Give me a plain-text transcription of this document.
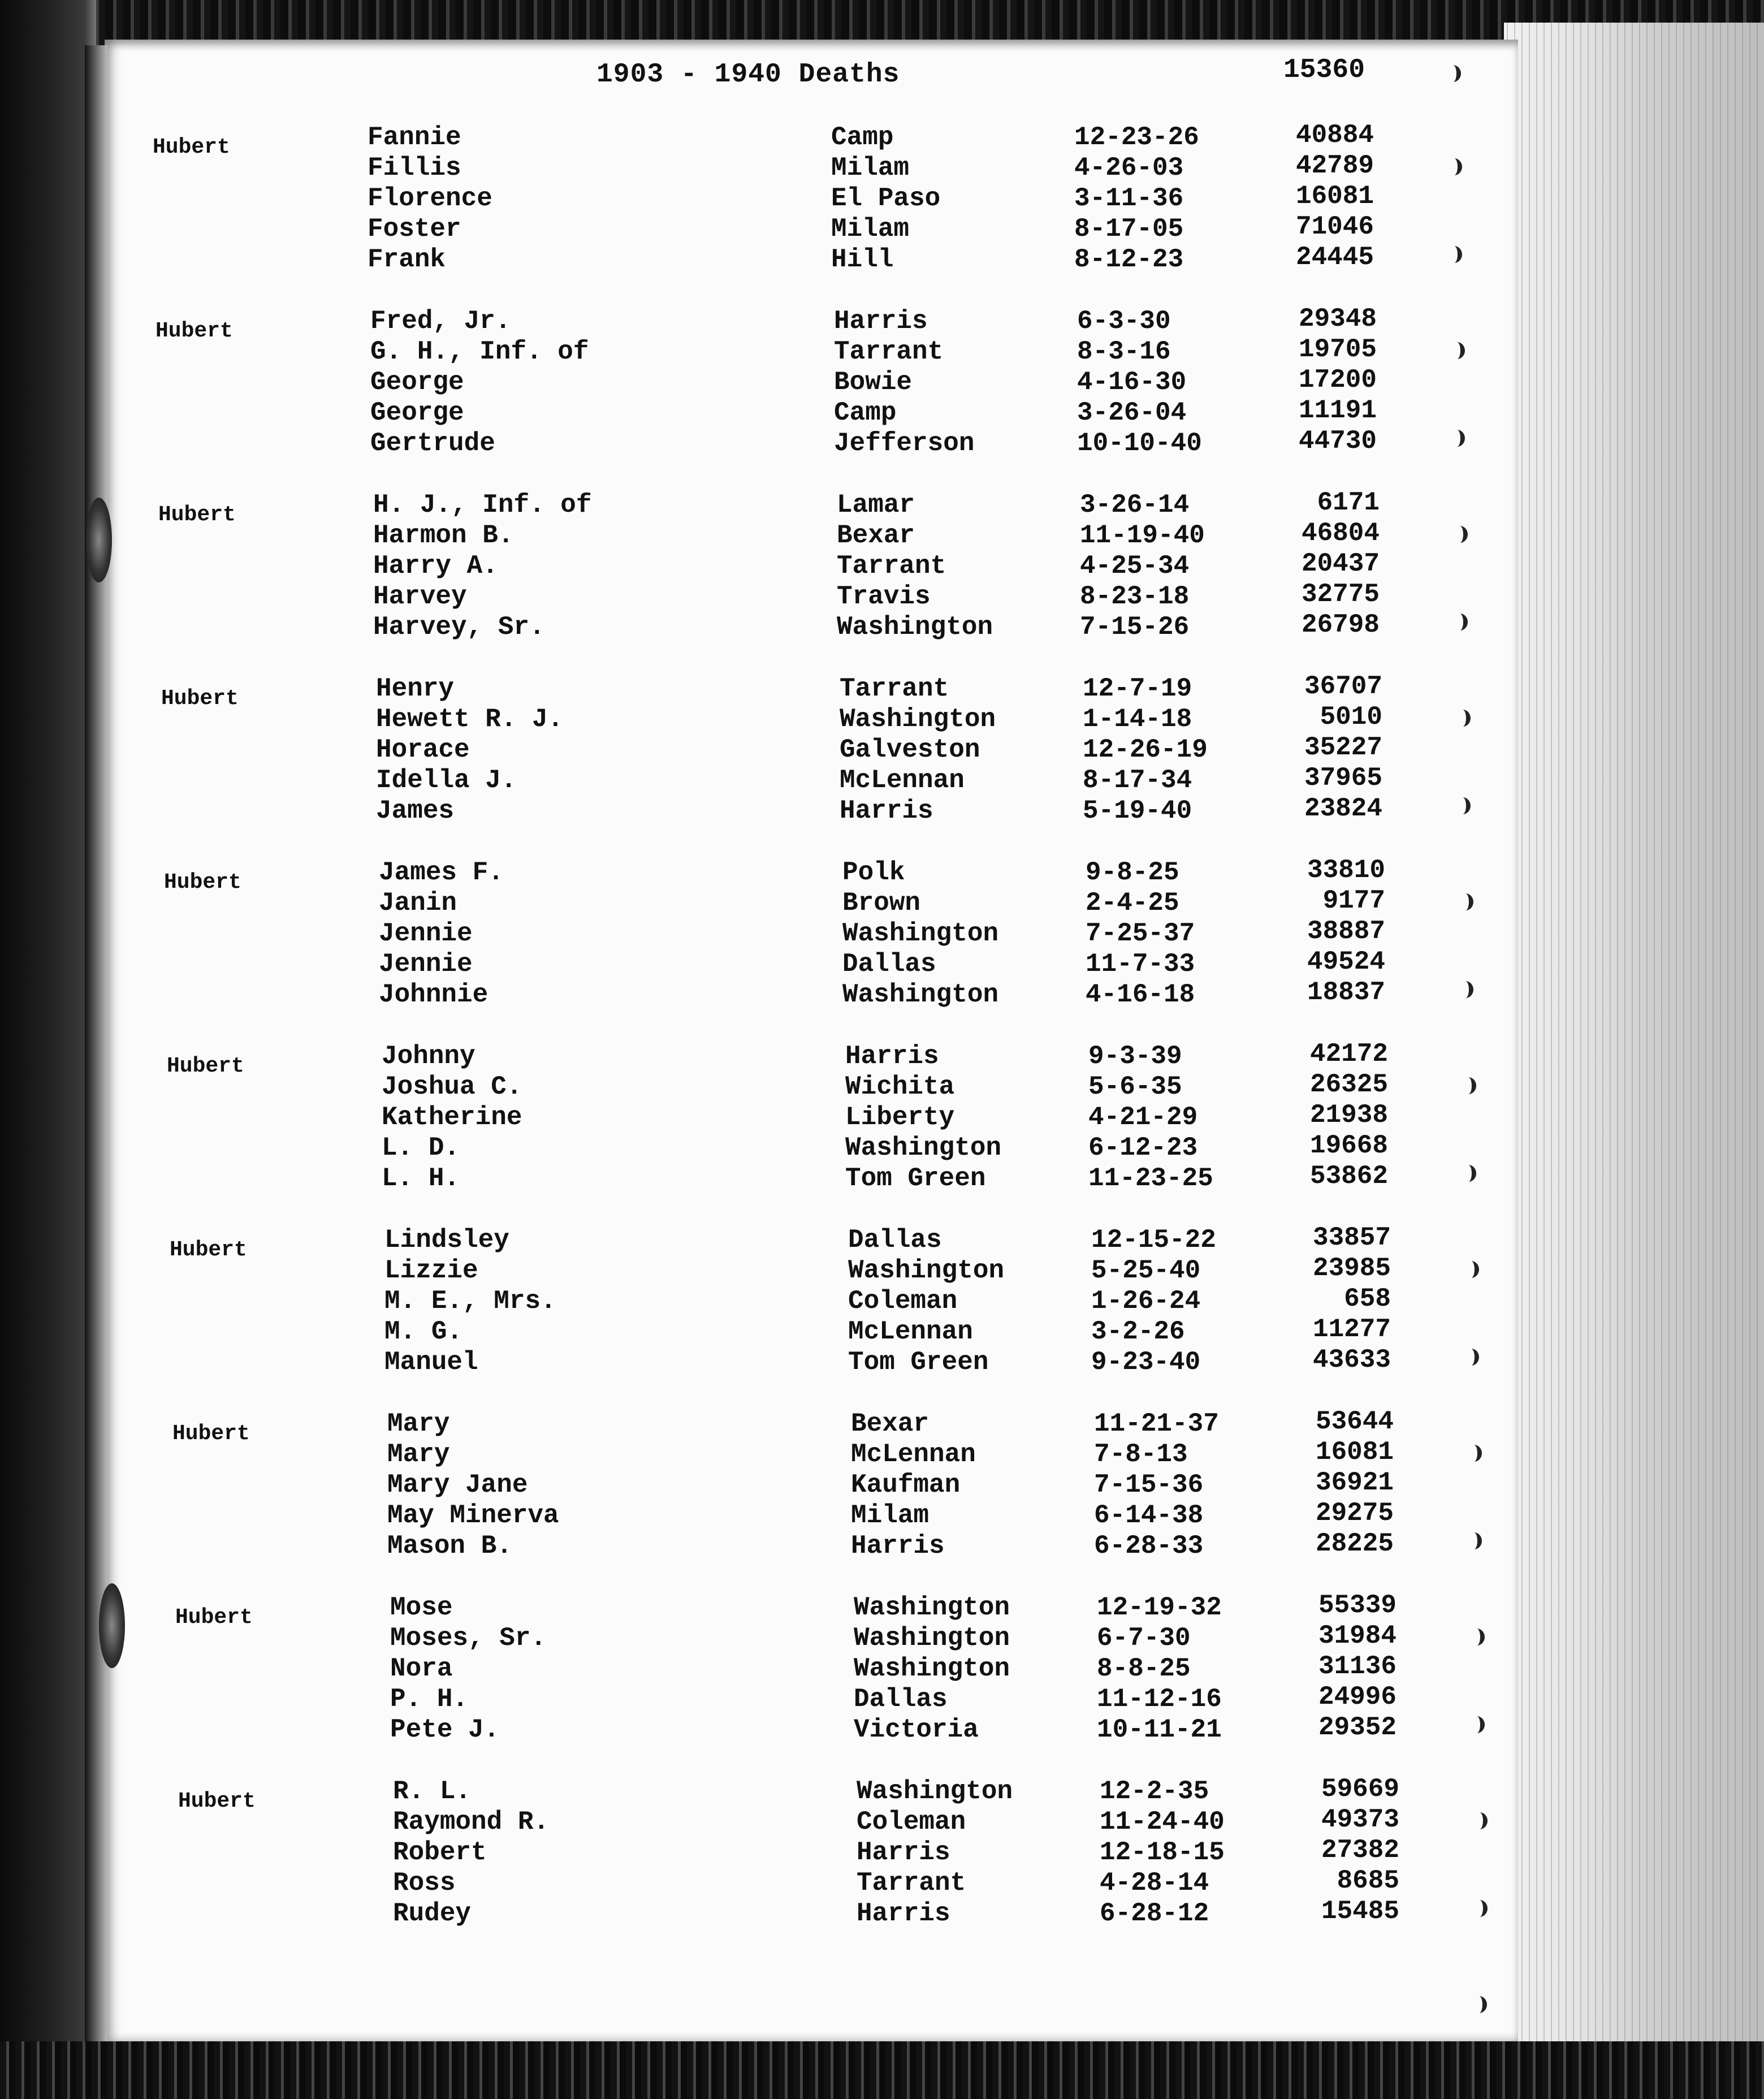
1903 - 1940 Deaths	15360
Hubert	Fannie	Camp	12-23-26	40884
Fillis	Milam	4-26-03	42789
Florence	El Paso	3-11-36	16081
Foster	Milam	8-17-05	71046
Frank	Hill	8-12-23	24445
Hubert	Fred, Jr.	Harris	6-3-30	29348
G. H., Inf. of	Tarrant	8-3-16	19705
George	Bowie	4-16-30	17200
George	Camp	3-26-04	11191
Gertrude	Jefferson	10-10-40	44730
Hubert	H. J., Inf. of	Lamar	3-26-14	6171
Harmon B.	Bexar	11-19-40	46804
Harry A.	Tarrant	4-25-34	20437
Harvey	Travis	8-23-18	32775
Harvey, Sr.	Washington	7-15-26	26798
Hubert	Henry	Tarrant	12-7-19	36707
Hewett R. J.	Washington	1-14-18	5010
Horace	Galveston	12-26-19	35227
Idella J.	McLennan	8-17-34	37965
James	Harris	5-19-40	23824
Hubert	James F.	Polk	9-8-25	33810
Janin	Brown	2-4-25	9177
Jennie	Washington	7-25-37	38887
Jennie	Dallas	11-7-33	49524
Johnnie	Washington	4-16-18	18837
Hubert	Johnny	Harris	9-3-39	42172
Joshua C.	Wichita	5-6-35	26325
Katherine	Liberty	4-21-29	21938
L. D.	Washington	6-12-23	19668
L. H.	Tom Green	11-23-25	53862
Hubert	Lindsley	Dallas	12-15-22	33857
Lizzie	Washington	5-25-40	23985
M. E., Mrs.	Coleman	1-26-24	658
M. G.	McLennan	3-2-26	11277
Manuel	Tom Green	9-23-40	43633
Hubert	Mary	Bexar	11-21-37	53644
Mary	McLennan	7-8-13	16081
Mary Jane	Kaufman	7-15-36	36921
May Minerva	Milam	6-14-38	29275
Mason B.	Harris	6-28-33	28225
Hubert	Mose	Washington	12-19-32	55339
Moses, Sr.	Washington	6-7-30	31984
Nora	Washington	8-8-25	31136
P. H.	Dallas	11-12-16	24996
Pete J.	Victoria	10-11-21	29352
Hubert	R. L.	Washington	12-2-35	59669
Raymond R.	Coleman	11-24-40	49373
Robert	Harris	12-18-15	27382
Ross	Tarrant	4-28-14	8685
Rudey	Harris	6-28-12	15485
